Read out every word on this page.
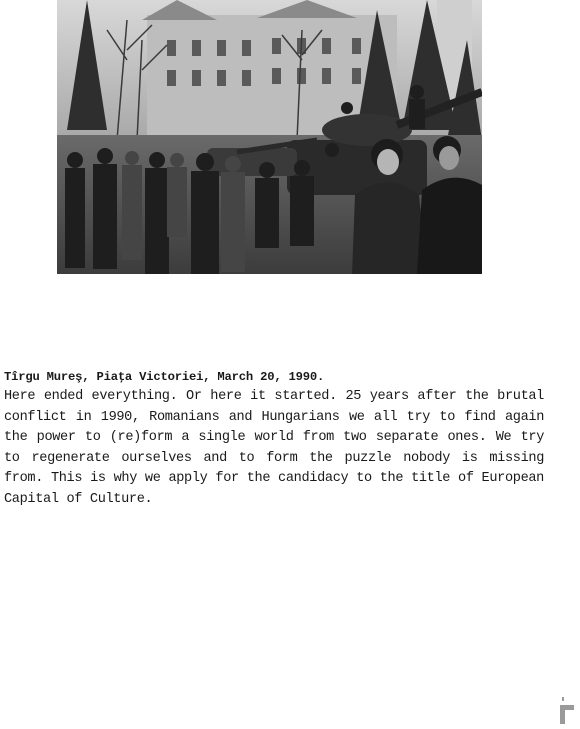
Tîrgu Mureş, Piaţa Victoriei, March 20, 1990.

Here ended everything. Or here it started. 25 years after the brutal conflict in 1990, Romanians and Hungarians we all try to find again the power to (re)form a single world from two separate ones. We try to regenerate ourselves and to form the puzzle nobody is missing from. This is why we apply for the candidacy to the title of European Capital of Culture.
